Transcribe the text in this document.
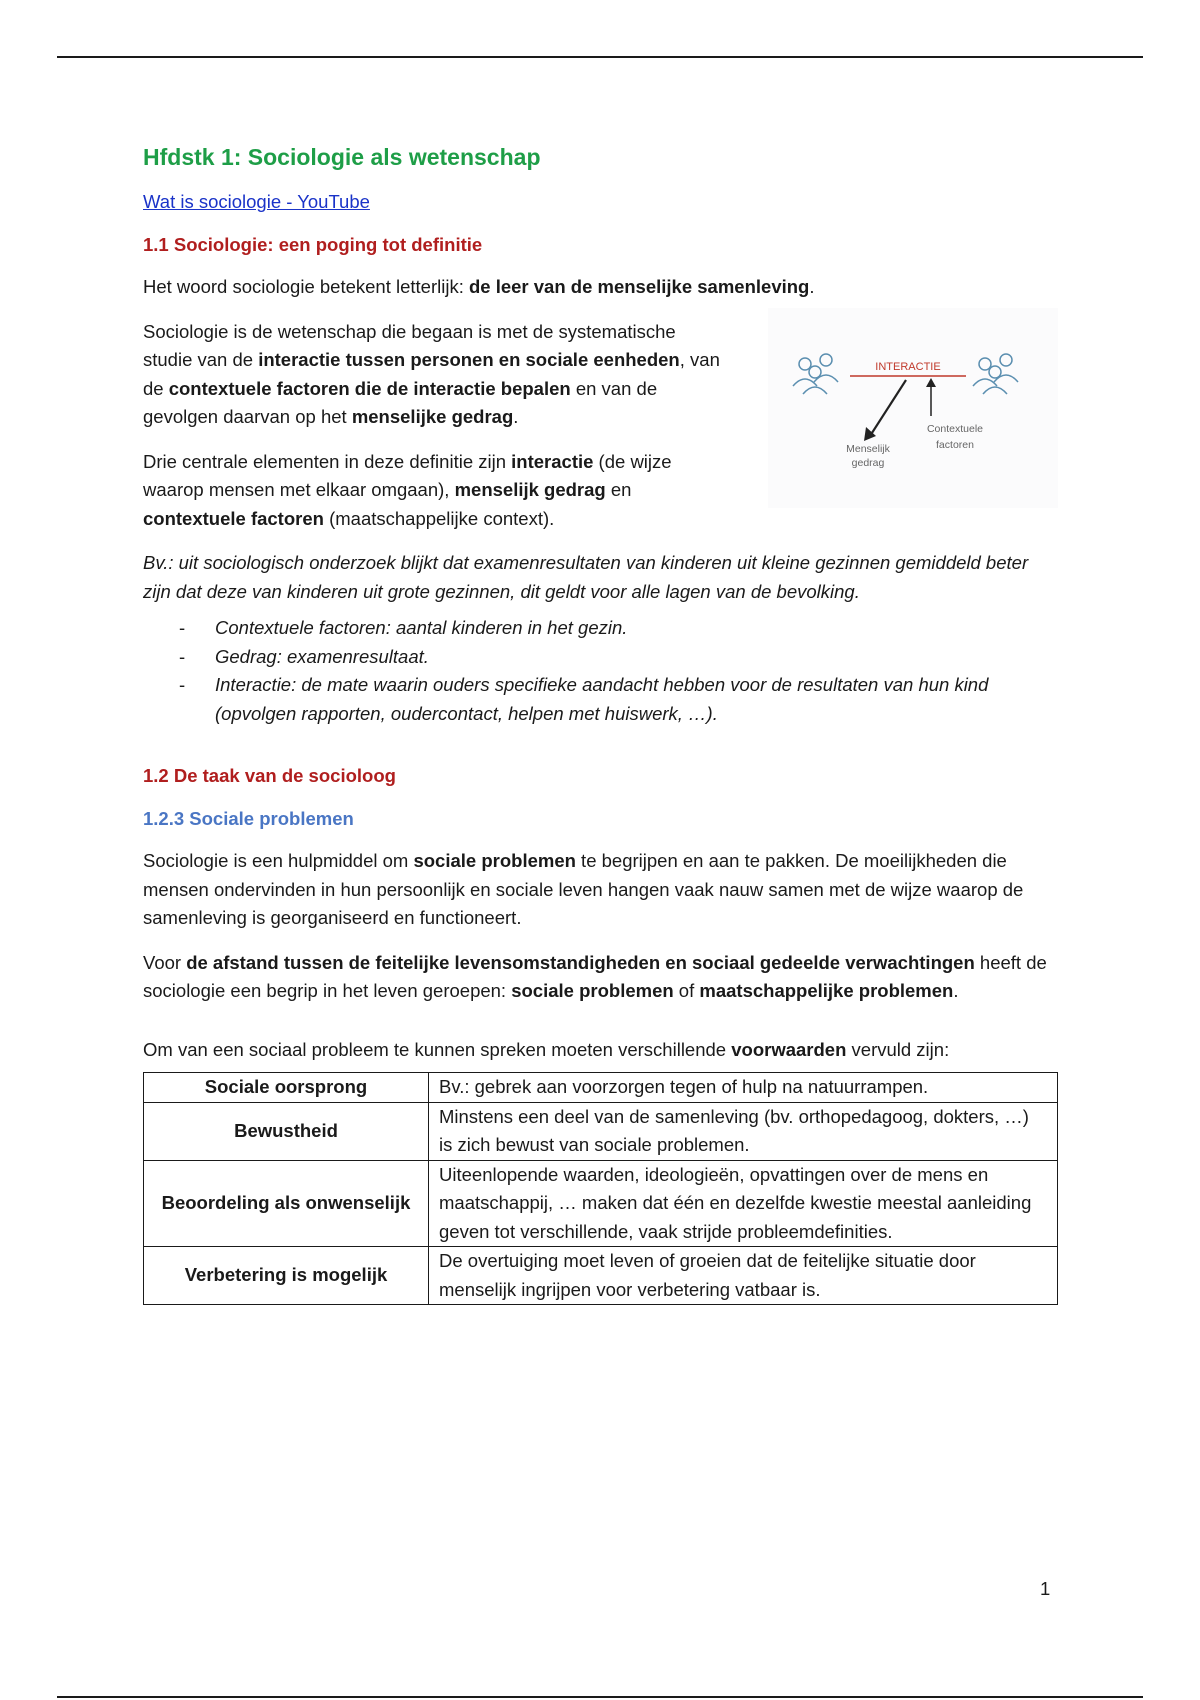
Hfdstk 1: Sociologie als wetenschap
Wat is sociologie - YouTube
1.1 Sociologie: een poging tot definitie

Het woord sociologie betekent letterlijk: de leer van de menselijke samenleving.

Sociologie is de wetenschap die begaan is met de systematische studie van de interactie tussen personen en sociale eenheden, van de contextuele factoren die de interactie bepalen en van de gevolgen daarvan op het menselijke gedrag.

Drie centrale elementen in deze definitie zijn interactie (de wijze waarop mensen met elkaar omgaan), menselijk gedrag en contextuele factoren (maatschappelijke context).

INTERACTIE
Menselijk
gedrag
Contextuele
factoren

Bv.: uit sociologisch onderzoek blijkt dat examenresultaten van kinderen uit kleine gezinnen gemiddeld beter zijn dat deze van kinderen uit grote gezinnen, dit geldt voor alle lagen van de bevolking.

- Contextuele factoren: aantal kinderen in het gezin.
- Gedrag: examenresultaat.
- Interactie: de mate waarin ouders specifieke aandacht hebben voor de resultaten van hun kind (opvolgen rapporten, oudercontact, helpen met huiswerk, …).
1.2 De taak van de socioloog
1.2.3 Sociale problemen

Sociologie is een hulpmiddel om sociale problemen te begrijpen en aan te pakken. De moeilijkheden die mensen ondervinden in hun persoonlijk en sociale leven hangen vaak nauw samen met de wijze waarop de samenleving is georganiseerd en functioneert.

Voor de afstand tussen de feitelijke levensomstandigheden en sociaal gedeelde verwachtingen heeft de sociologie een begrip in het leven geroepen: sociale problemen of maatschappelijke problemen.

Om van een sociaal probleem te kunnen spreken moeten verschillende voorwaarden vervuld zijn:

Sociale oorsprong	Bv.: gebrek aan voorzorgen tegen of hulp na natuurrampen.
Bewustheid	Minstens een deel van de samenleving (bv. orthopedagoog, dokters, …) is zich bewust van sociale problemen.
Beoordeling als onwenselijk	Uiteenlopende waarden, ideologieën, opvattingen over de mens en maatschappij, … maken dat één en dezelfde kwestie meestal aanleiding geven tot verschillende, vaak strijde probleemdefinities.
Verbetering is mogelijk	De overtuiging moet leven of groeien dat de feitelijke situatie door menselijk ingrijpen voor verbetering vatbaar is.
1
